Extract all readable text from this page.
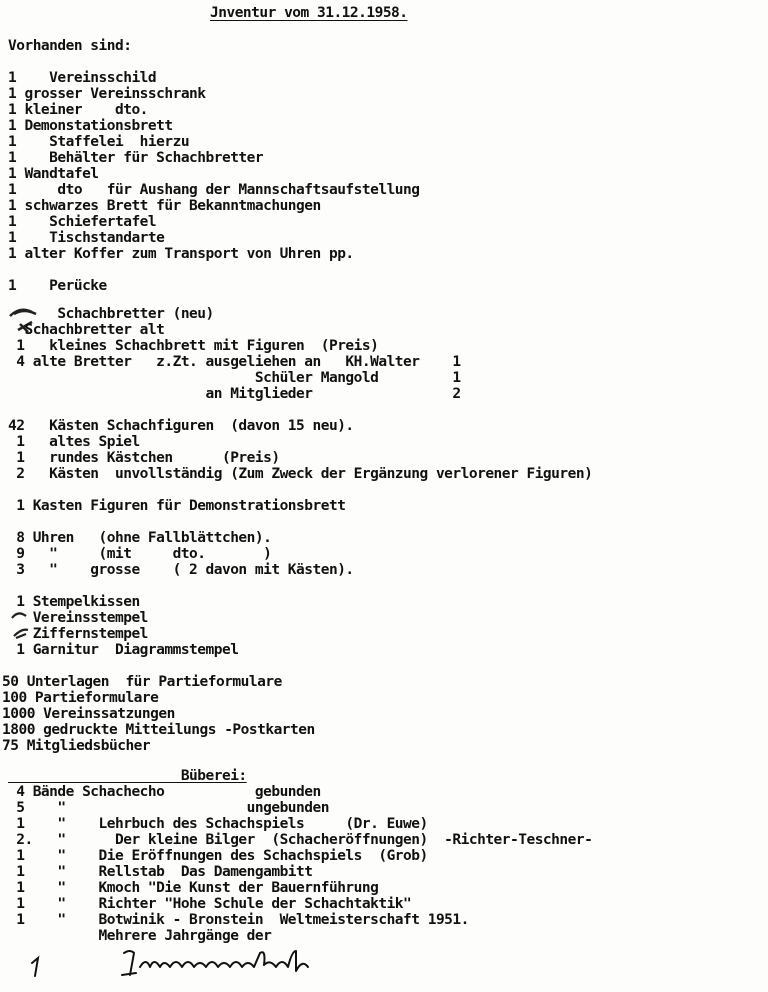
Jnventur vom 31.12.1958.
Vorhanden sind:
1    Vereinsschild
1 grosser Vereinsschrank
1 kleiner    dto.
1 Demonstationsbrett
1    Staffelei  hierzu
1    Behälter für Schachbretter
1 Wandtafel
1     dto   für Aushang der Mannschaftsaufstellung
1 schwarzes Brett für Bekanntmachungen
1    Schiefertafel
1    Tischstandarte
1 alter Koffer zum Transport von Uhren pp.
1    Perücke
Schachbretter (neu)
Schachbretter alt
1   kleines Schachbrett mit Figuren  (Preis)
4 alte Bretter   z.Zt. ausgeliehen an   KH.Walter    1
Schüler Mangold         1
an Mitglieder                 2
42   Kästen Schachfiguren  (davon 15 neu).
1   altes Spiel
1   rundes Kästchen      (Preis)
2   Kästen  unvollständig (Zum Zweck der Ergänzung verlorener Figuren)
1 Kasten Figuren für Demonstrationsbrett
8 Uhren   (ohne Fallblättchen).
9   "     (mit     dto.       )
3   "    grosse    ( 2 davon mit Kästen).
1 Stempelkissen
Vereinsstempel
Ziffernstempel
1 Garnitur  Diagrammstempel
50 Unterlagen  für Partieformulare
100 Partieformulare
1000 Vereinssatzungen
1800 gedruckte Mitteilungs -Postkarten
75 Mitgliedsbücher
Büberei:
4 Bände Schachecho           gebunden
5    "                      ungebunden
1    "    Lehrbuch des Schachspiels     (Dr. Euwe)
2.   "      Der kleine Bilger  (Schacheröffnungen)  -Richter-Teschner-
1    "    Die Eröffnungen des Schachspiels  (Grob)
1    "    Rellstab  Das Damengambitt
1    "    Kmoch "Die Kunst der Bauernführung
1    "    Richter "Hohe Schule der Schachtaktik"
1    "    Botwinik - Bronstein  Weltmeisterschaft 1951.
Mehrere Jahrgänge der
